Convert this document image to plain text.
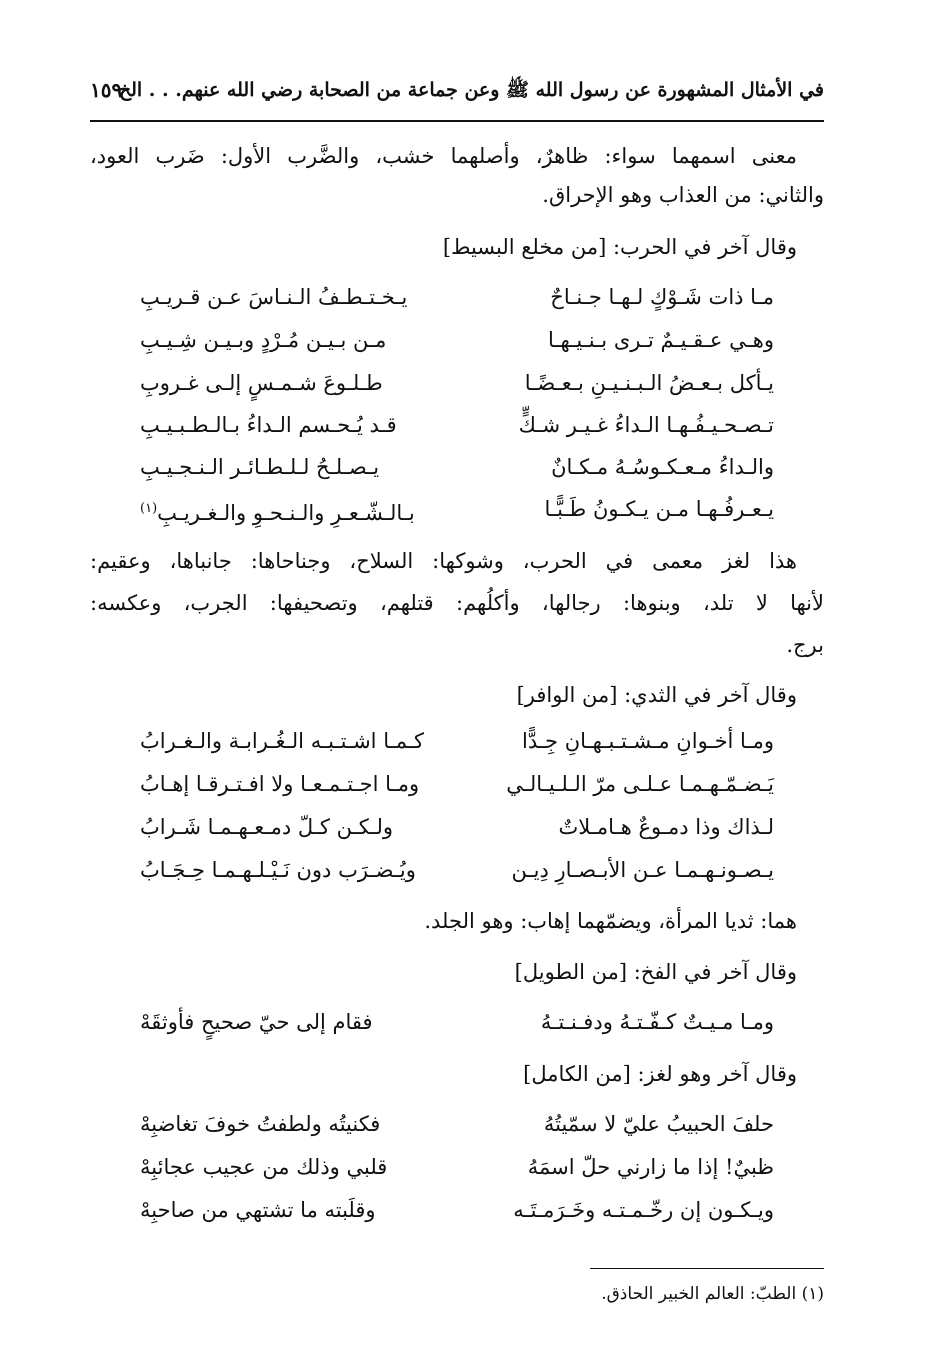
في الأمثال المشهورة عن رسول الله ﷺ وعن جماعة من الصحابة رضي الله عنهم. . . الخ
١٥٩
معنى اسمهما سواء: ظاهرٌ، وأصلهما خشب، والضَّرب الأول: ضَرب العود،
والثاني: من العذاب وهو الإحراق.
وقال آخر في الحرب: [من مخلع البسيط]
مـا ذات شَـوْكٍ لـهـا جـنـاحٌ
يـخـتـطـفُ الـنـاسَ عـن قـريـبِ
وهـي عـقـيـمٌ تـرى بـنـيـهـا
مـن بـيـن مُـرْدٍ وبـيـن شِـيـبِ
يـأكل بـعـضُ الـبـنـيـنِ بـعـضًـا
طـلـوعَ شـمـسٍ إلـى غـروبِ
تـصـحـيـفُـهـا الـداءُ غـيـر شـكٍّ
قـد يُـحـسم الـداءُ بـالـطـبـيـبِ
والـداءُ مـعـكـوسُـهُ مـكـانٌ
يـصـلـحُ لـلـطـائـر الـنـجـيـبِ
يـعـرفُـهـا مـن يـكـونُ طَـبًّـا
بـالـشّـعـرِ والـنـحـوِ والـغـريـبِ$^{(١)}$
هذا لغز معمى في الحرب، وشوكها: السلاح، وجناحاها: جانباها، وعقيم:
لأنها لا تلد، وبنوها: رجالها، وأكلُهم: قتلهم، وتصحيفها: الجرب، وعكسه:
برج.
وقال آخر في الثدي: [من الوافر]
ومـا أخـوانِ مـشـتـبـهـانِ جِـدًّا
كـمـا اشـتـبـه الـغُـرابـة والـغـرابُ
يَـضـمّـهـمـا عـلـى مرّ الـلـيـالـي
ومـا اجـتـمـعـا ولا افـتـرقـا إهـابُ
لـذاك وذا دمـوعٌ هـامـلاتٌ
ولـكـن كـلّ دمـعـهـمـا شَـرابُ
يـصـونـهـمـا عـن الأبـصـارِ دِيـن
ويُـضـرَب دون نَـيْـلـهـمـا حِـجَـابُ
هما: ثديا المرأة، ويضمّهما إهاب: وهو الجلد.
وقال آخر في الفخ: [من الطويل]
ومـا مـيـتٌ كـفّـتـهُ ودفـنـتـهُ
فقام إلى حيّ صحيحٍ فأوثقَهْ
وقال آخر وهو لغز: [من الكامل]
حلفَ الحبيبُ عليّ لا سمّيتُهُ
فكنيتُه ولطفتُ خوفَ تغاضبِهْ
ظبيٌ! إذا ما زارني حلّ اسمَهُ
قلبي وذلك من عجيب عجائبِهْ
ويـكـون إن رخّـمـتـه وخَـرَمـتَـه
وقلَبته ما تشتهي من صاحبِهْ
(١) الطبّ: العالم الخبير الحاذق.
